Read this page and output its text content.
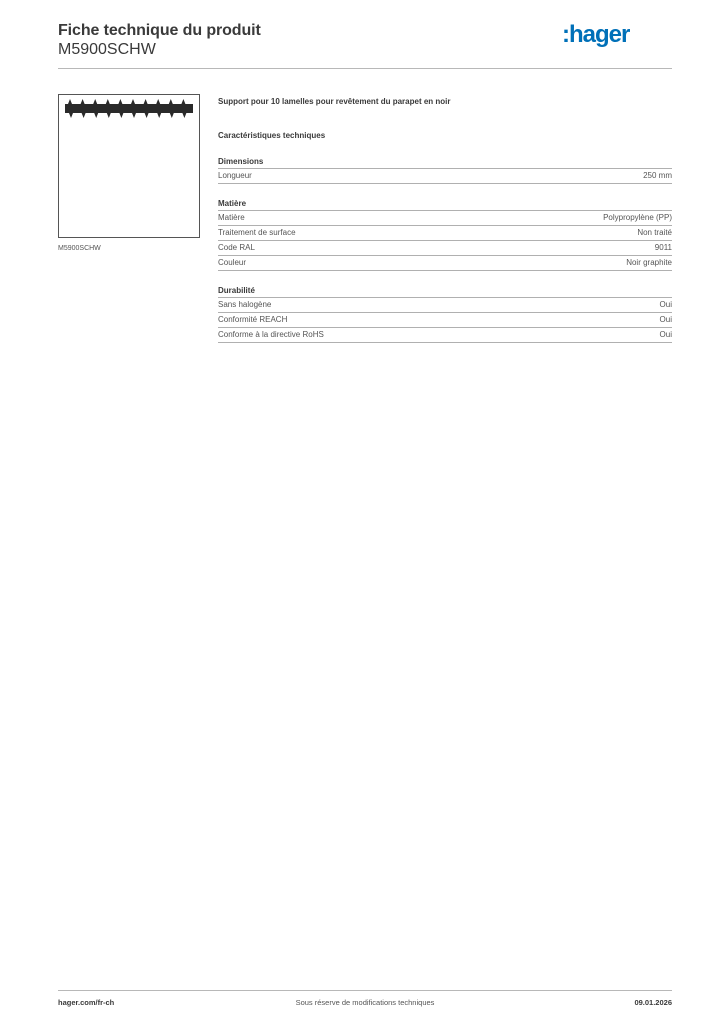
Fiche technique du produit
M5900SCHW
:hager
M5900SCHW
Support pour 10 lamelles pour revêtement du parapet en noir
Caractéristiques techniques
Dimensions
Longueur	250 mm
Matière
Matière	Polypropylène (PP)
Traitement de surface	Non traité
Code RAL	9011
Couleur	Noir graphite
Durabilité
Sans halogène	Oui
Conformité REACH	Oui
Conforme à la directive RoHS	Oui
hager.com/fr-ch	Sous réserve de modifications techniques	09.01.2026
